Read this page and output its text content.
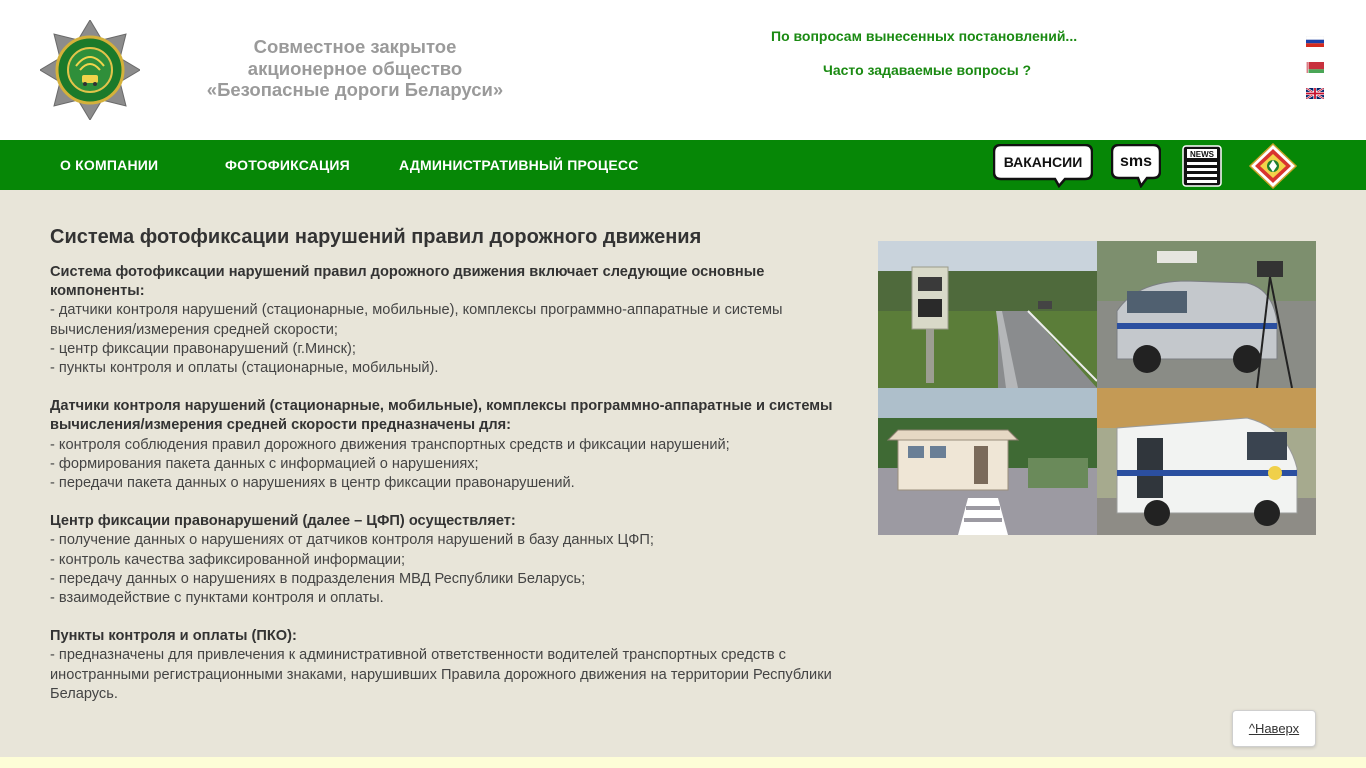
Совместное закрытое
акционерное общество
«Безопасные дороги Беларуси»
По вопросам вынесенных постановлений...
Часто задаваемые вопросы ?
О КОМПАНИИ	ФОТОФИКСАЦИЯ	АДМИНИСТРАТИВНЫЙ ПРОЦЕСС	ВАКАНСИИ sms	NEWS
Система фотофиксации нарушений правил дорожного движения
Система фотофиксации нарушений правил дорожного движения включает следующие основные компоненты:
- датчики контроля нарушений (стационарные, мобильные), комплексы программно-аппаратные и системы вычисления/измерения средней скорости;
- центр фиксации правонарушений (г.Минск);
- пункты контроля и оплаты (стационарные, мобильный).
Датчики контроля нарушений (стационарные, мобильные), комплексы программно-аппаратные и системы вычисления/измерения средней скорости предназначены для:
- контроля соблюдения правил дорожного движения транспортных средств и фиксации нарушений;
- формирования пакета данных с информацией о нарушениях;
- передачи пакета данных о нарушениях в центр фиксации правонарушений.
Центр фиксации правонарушений (далее – ЦФП) осуществляет:
- получение данных о нарушениях от датчиков контроля нарушений в базу данных ЦФП;
- контроль качества зафиксированной информации;
- передачу данных о нарушениях в подразделения МВД Республики Беларусь;
- взаимодействие с пунктами контроля и оплаты.
Пункты контроля и оплаты (ПКО):
- предназначены для привлечения к административной ответственности водителей транспортных средств с иностранными регистрационными знаками, нарушивших Правила дорожного движения на территории Республики Беларусь.
^Наверх
